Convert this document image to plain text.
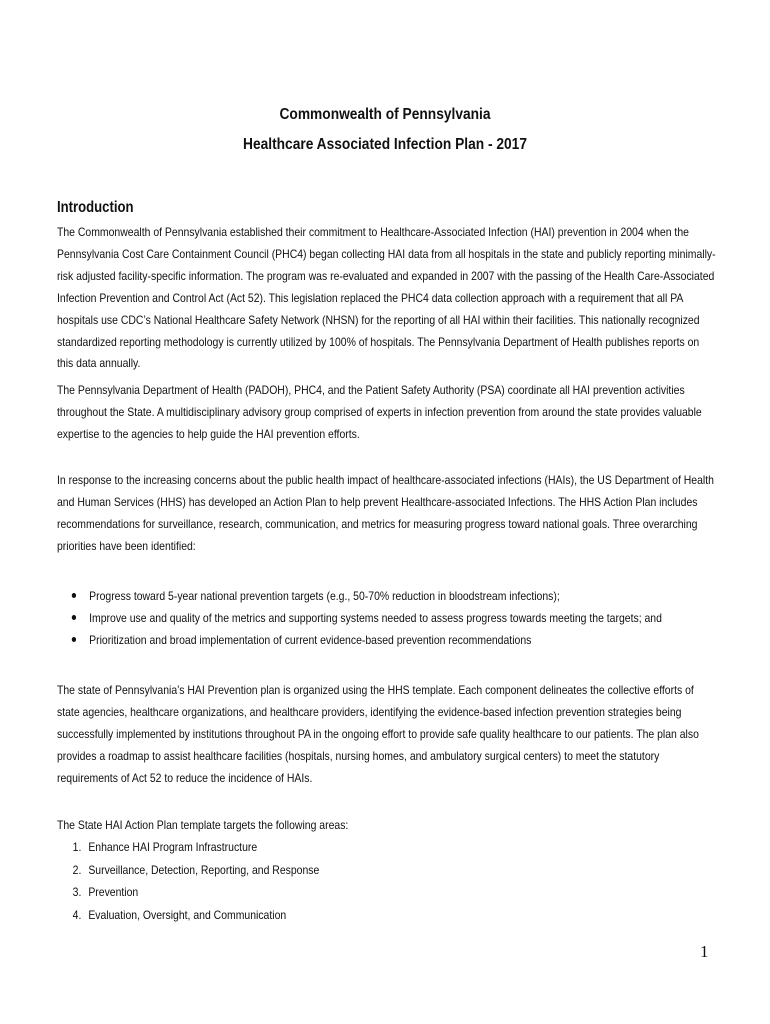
Commonwealth of Pennsylvania
Healthcare Associated Infection Plan - 2017
Introduction

The Commonwealth of Pennsylvania established their commitment to Healthcare-Associated Infection (HAI) prevention in 2004 when the Pennsylvania Cost Care Containment Council (PHC4) began collecting HAI data from all hospitals in the state and publicly reporting minimally-risk adjusted facility-specific information. The program was re-evaluated and expanded in 2007 with the passing of the Health Care-Associated Infection Prevention and Control Act (Act 52). This legislation replaced the PHC4 data collection approach with a requirement that all PA hospitals use CDC’s National Healthcare Safety Network (NHSN) for the reporting of all HAI within their facilities. This nationally recognized standardized reporting methodology is currently utilized by 100% of hospitals. The Pennsylvania Department of Health publishes reports on this data annually.

The Pennsylvania Department of Health (PADOH), PHC4, and the Patient Safety Authority (PSA) coordinate all HAI prevention activities throughout the State. A multidisciplinary advisory group comprised of experts in infection prevention from around the state provides valuable expertise to the agencies to help guide the HAI prevention efforts.

In response to the increasing concerns about the public health impact of healthcare-associated infections (HAIs), the US Department of Health and Human Services (HHS) has developed an Action Plan to help prevent Healthcare-associated Infections. The HHS Action Plan includes recommendations for surveillance, research, communication, and metrics for measuring progress toward national goals. Three overarching priorities have been identified:

Progress toward 5-year national prevention targets (e.g., 50-70% reduction in bloodstream infections);
Improve use and quality of the metrics and supporting systems needed to assess progress towards meeting the targets; and
Prioritization and broad implementation of current evidence-based prevention recommendations

The state of Pennsylvania’s HAI Prevention plan is organized using the HHS template. Each component delineates the collective efforts of state agencies, healthcare organizations, and healthcare providers, identifying the evidence-based infection prevention strategies being successfully implemented by institutions throughout PA in the ongoing effort to provide safe quality healthcare to our patients. The plan also provides a roadmap to assist healthcare facilities (hospitals, nursing homes, and ambulatory surgical centers) to meet the statutory requirements of Act 52 to reduce the incidence of HAIs.

The State HAI Action Plan template targets the following areas:
1. Enhance HAI Program Infrastructure
2. Surveillance, Detection, Reporting, and Response
3. Prevention
4. Evaluation, Oversight, and Communication
1
